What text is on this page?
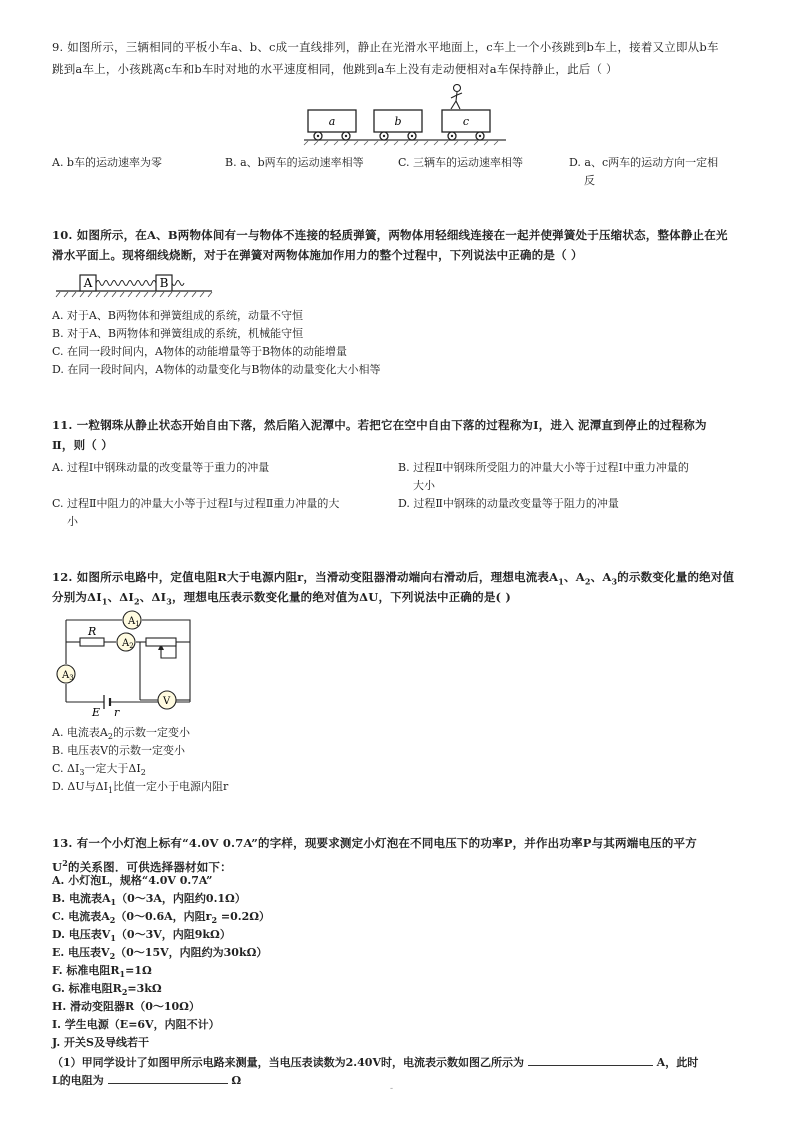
9. 如图所示，三辆相同的平板小车a、b、c成一直线排列，静止在光滑水平地面上，c车上一个小孩跳到b车上，接着又立即从b车
跳到a车上，小孩跳离c车和b车时对地的水平速度相同，他跳到a车上没有走动便相对a车保持静止，此后（ ）
a	b	c
A. b车的运动速率为零	B. a、b两车的运动速率相等	C. 三辆车的运动速率相等	D. a、c两车的运动方向一定相
反
10. 如图所示，在A、B两物体间有一与物体不连接的轻质弹簧，两物体用轻细线连接在一起并使弹簧处于压缩状态，整体静止在光
滑水平面上。现将细线烧断，对于在弹簧对两物体施加作用力的整个过程中，下列说法中正确的是（ ）
A	B
A. 对于A、B两物体和弹簧组成的系统，动量不守恒
B. 对于A、B两物体和弹簧组成的系统，机械能守恒
C. 在同一段时间内，A物体的动能增量等于B物体的动能增量
D. 在同一段时间内，A物体的动量变化与B物体的动量变化大小相等
11. 一粒钢珠从静止状态开始自由下落，然后陷入泥潭中。若把它在空中自由下落的过程称为Ⅰ，进入 泥潭直到停止的过程称为
Ⅱ，则（ ）
A. 过程Ⅰ中钢珠动量的改变量等于重力的冲量	B. 过程Ⅱ中钢珠所受阻力的冲量大小等于过程Ⅰ中重力冲量的
大小
C. 过程Ⅱ中阻力的冲量大小等于过程Ⅰ与过程Ⅱ重力冲量的大
小
D. 过程Ⅱ中钢珠的动量改变量等于阻力的冲量
12. 如图所示电路中，定值电阻R大于电源内阻r，当滑动变阻器滑动端向右滑动后，理想电流表$A_1$、$A_2$、$A_3$的示数变化量的绝对值
分别为$\Delta I_1$、$\Delta I_2$、$\Delta I_3$，理想电压表示数变化量的绝对值为ΔU，下列说法中正确的是( )
R
$A_1$
$A_2$
$A_3$
V
E r
A. 电流表$A_2$的示数一定变小
B. 电压表V的示数一定变小
C. $\Delta I_3$一定大于$\Delta I_2$
D. ΔU与$\Delta I_1$比值一定小于电源内阻r
13. 有一个小灯泡上标有“4.0V 0.7A”的字样，现要求测定小灯泡在不同电压下的功率P，并作出功率P与其两端电压的平方
$U^2$的关系图．可供选择器材如下：
A. 小灯泡L，规格“4.0V 0.7A”
B. 电流表$A_1(0\sim 3A$，内阻约0.1Ω）
C. 电流表$A_2(0\sim 0.6A$，内阻$r_2 =0.2\Omega$）
D. 电压表$V_1(0\sim 3V$，内阻9kΩ）
E. 电压表$V_2(0\sim 15V$，内阻约为30kΩ）
F. 标准电阻$R_1=1\Omega$
G. 标准电阻$R_2=3k\Omega$
H. 滑动变阻器R（0～10Ω）
I. 学生电源（E=6V，内阻不计）
J. 开关S及导线若干
（1）甲同学设计了如图甲所示电路来测量，当电压表读数为2.40V时，电流表示数如图乙所示为	A，此时
L的电阻为	Ω
-
